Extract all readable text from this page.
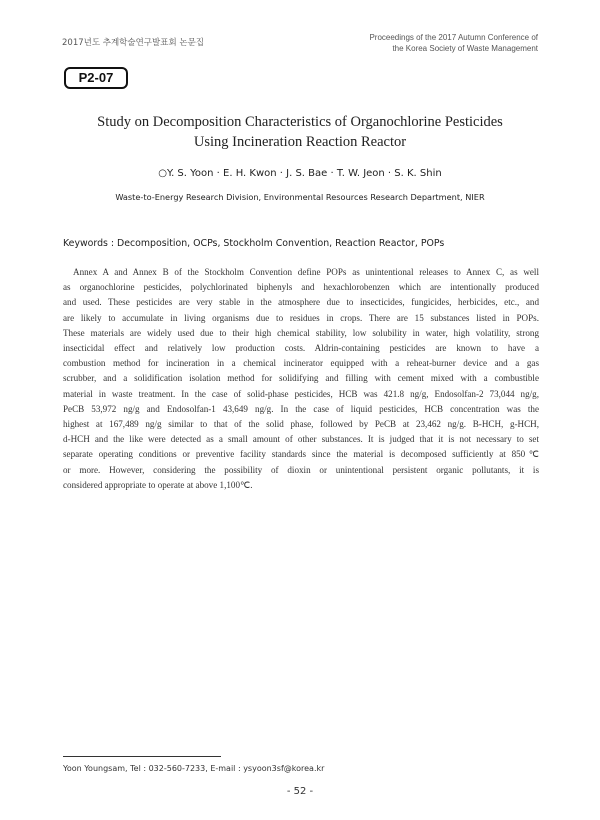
2017년도 추계학술연구발표회 논문집
Proceedings of the 2017 Autumn Conference of
the Korea Society of Waste Management
P2-07
Study on Decomposition Characteristics of Organochlorine Pesticides
Using Incineration Reaction Reactor
○Y. S. Yoon · E. H. Kwon · J. S. Bae · T. W. Jeon · S. K. Shin
Waste-to-Energy Research Division, Environmental Resources Research Department, NIER
Keywords : Decomposition, OCPs, Stockholm Convention, Reaction Reactor, POPs
Annex A and Annex B of the Stockholm Convention define POPs as unintentional releases to Annex C, as well
as organochlorine pesticides, polychlorinated biphenyls and hexachlorobenzen which are intentionally produced
and used. These pesticides are very stable in the atmosphere due to insecticides, fungicides, herbicides, etc., and
are likely to accumulate in living organisms due to residues in crops. There are 15 substances listed in POPs.
These materials are widely used due to their high chemical stability, low solubility in water, high volatility, strong
insecticidal effect and relatively low production costs. Aldrin-containing pesticides are known to have a
combustion method for incineration in a chemical incinerator equipped with a reheat-burner device and a gas
scrubber, and a solidification isolation method for solidifying and filling with cement mixed with a combustible
material in waste treatment. In the case of solid-phase pesticides, HCB was 421.8 ng/g, Endosolfan-2 73,044 ng/g,
PeCB 53,972 ng/g and Endosolfan-1 43,649 ng/g. In the case of liquid pesticides, HCB concentration was the
highest at 167,489 ng/g similar to that of the solid phase, followed by PeCB at 23,462 ng/g. B-HCH, g-HCH,
d-HCH and the like were detected as a small amount of other substances. It is judged that it is not necessary to set
separate operating conditions or preventive facility standards since the material is decomposed sufficiently at 850℃
or more. However, considering the possibility of dioxin or unintentional persistent organic pollutants, it is
considered appropriate to operate at above 1,100℃.
Yoon Youngsam, Tel : 032-560-7233, E-mail : ysyoon3sf@korea.kr
- 52 -
